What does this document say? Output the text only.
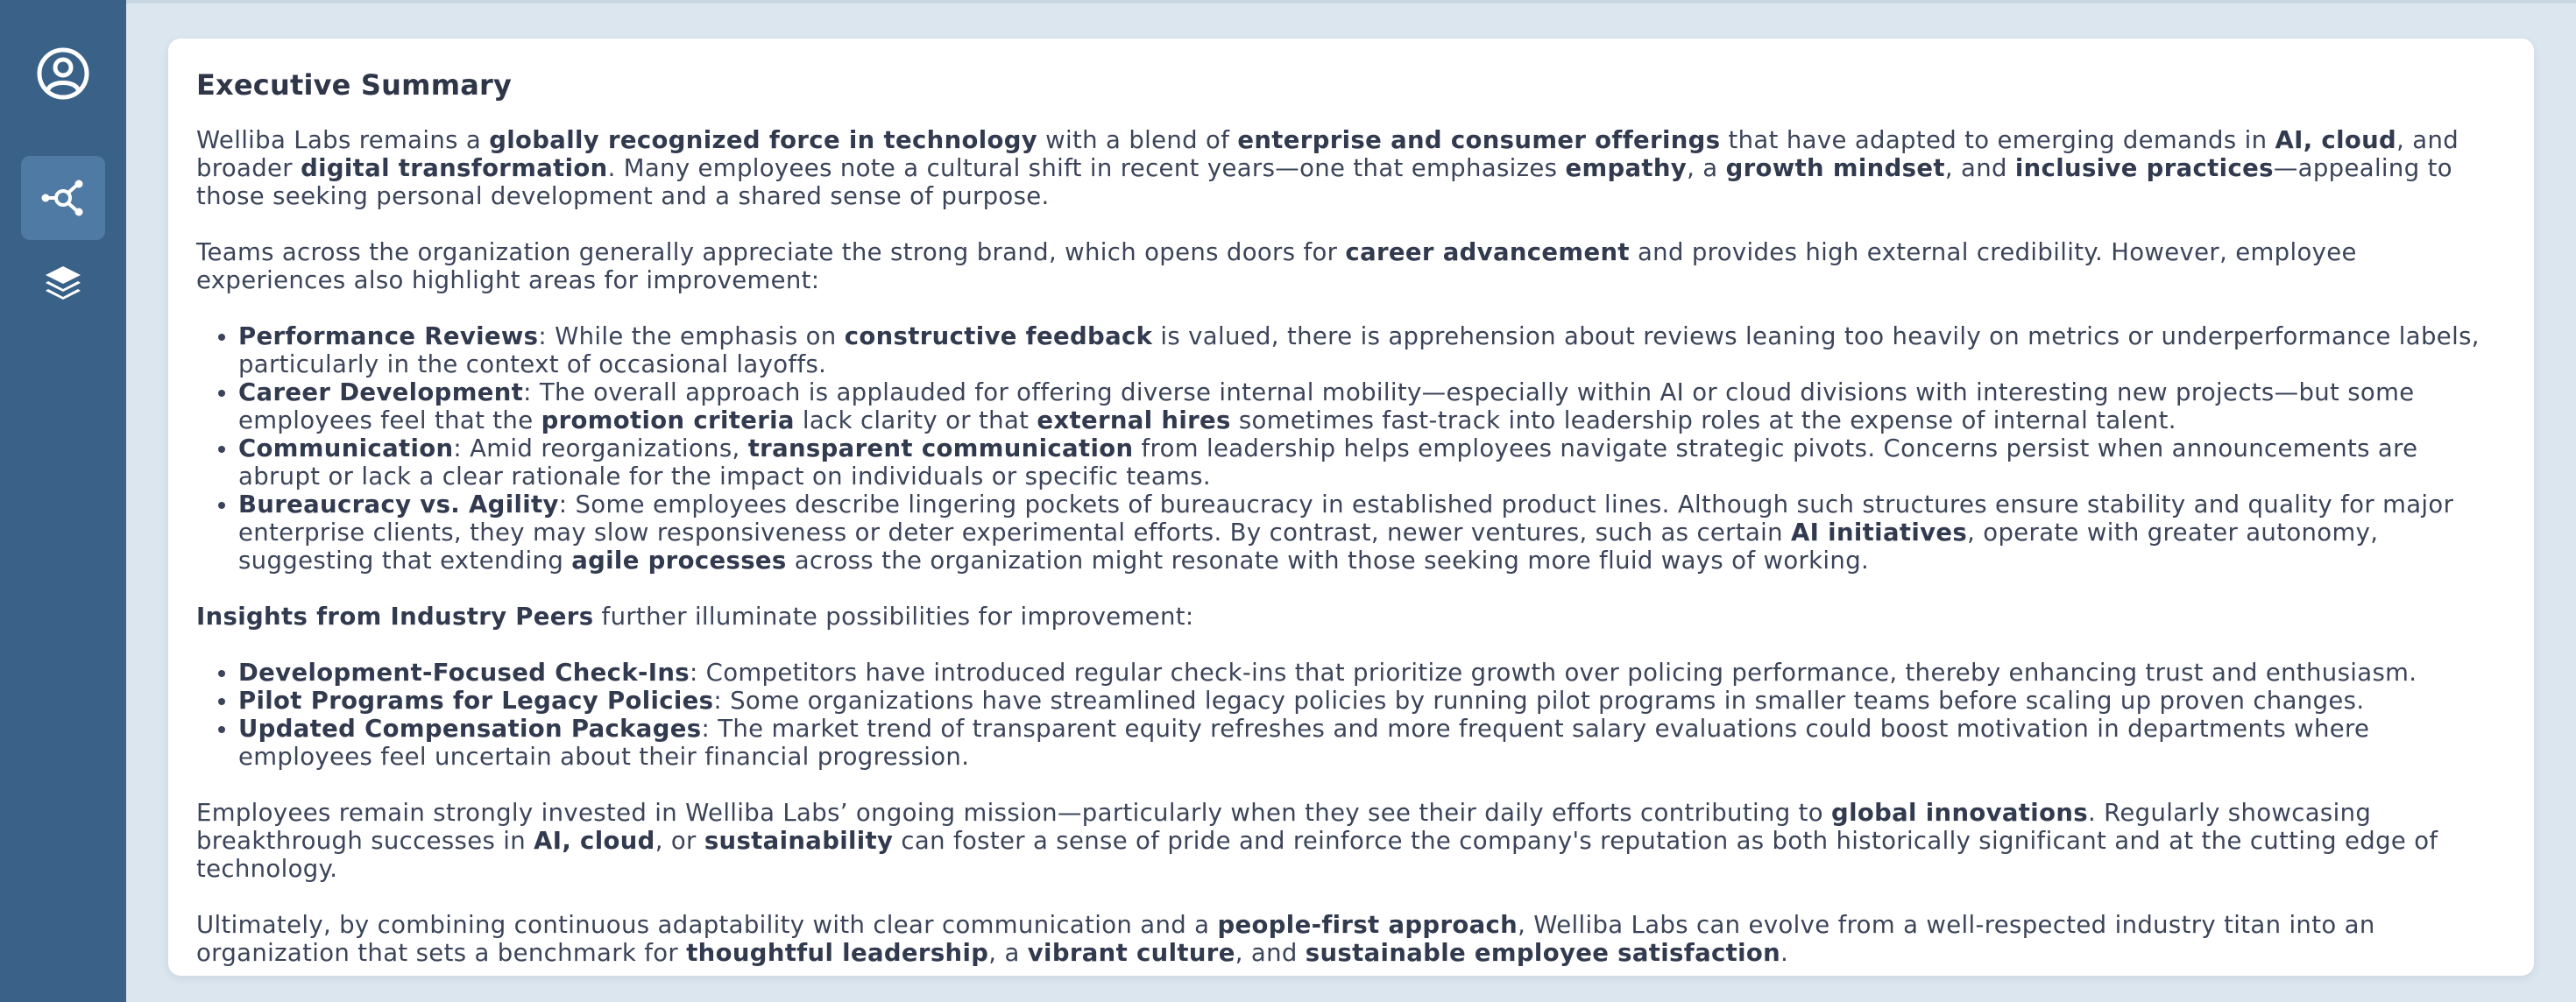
Executive Summary

Welliba Labs remains a globally recognized force in technology with a blend of enterprise and consumer offerings that have adapted to emerging demands in AI, cloud, and broader digital transformation. Many employees note a cultural shift in recent years—one that emphasizes empathy, a growth mindset, and inclusive practices—appealing to those seeking personal development and a shared sense of purpose.

Teams across the organization generally appreciate the strong brand, which opens doors for career advancement and provides high external credibility. However, employee experiences also highlight areas for improvement:

• Performance Reviews: While the emphasis on constructive feedback is valued, there is apprehension about reviews leaning too heavily on metrics or underperformance labels, particularly in the context of occasional layoffs.
• Career Development: The overall approach is applauded for offering diverse internal mobility—especially within AI or cloud divisions with interesting new projects—but some employees feel that the promotion criteria lack clarity or that external hires sometimes fast-track into leadership roles at the expense of internal talent.
• Communication: Amid reorganizations, transparent communication from leadership helps employees navigate strategic pivots. Concerns persist when announcements are abrupt or lack a clear rationale for the impact on individuals or specific teams.
• Bureaucracy vs. Agility: Some employees describe lingering pockets of bureaucracy in established product lines. Although such structures ensure stability and quality for major enterprise clients, they may slow responsiveness or deter experimental efforts. By contrast, newer ventures, such as certain AI initiatives, operate with greater autonomy, suggesting that extending agile processes across the organization might resonate with those seeking more fluid ways of working.

Insights from Industry Peers further illuminate possibilities for improvement:

• Development-Focused Check-Ins: Competitors have introduced regular check-ins that prioritize growth over policing performance, thereby enhancing trust and enthusiasm.
• Pilot Programs for Legacy Policies: Some organizations have streamlined legacy policies by running pilot programs in smaller teams before scaling up proven changes.
• Updated Compensation Packages: The market trend of transparent equity refreshes and more frequent salary evaluations could boost motivation in departments where employees feel uncertain about their financial progression.

Employees remain strongly invested in Welliba Labs’ ongoing mission—particularly when they see their daily efforts contributing to global innovations. Regularly showcasing breakthrough successes in AI, cloud, or sustainability can foster a sense of pride and reinforce the company's reputation as both historically significant and at the cutting edge of technology.

Ultimately, by combining continuous adaptability with clear communication and a people-first approach, Welliba Labs can evolve from a well-respected industry titan into an organization that sets a benchmark for thoughtful leadership, a vibrant culture, and sustainable employee satisfaction.
